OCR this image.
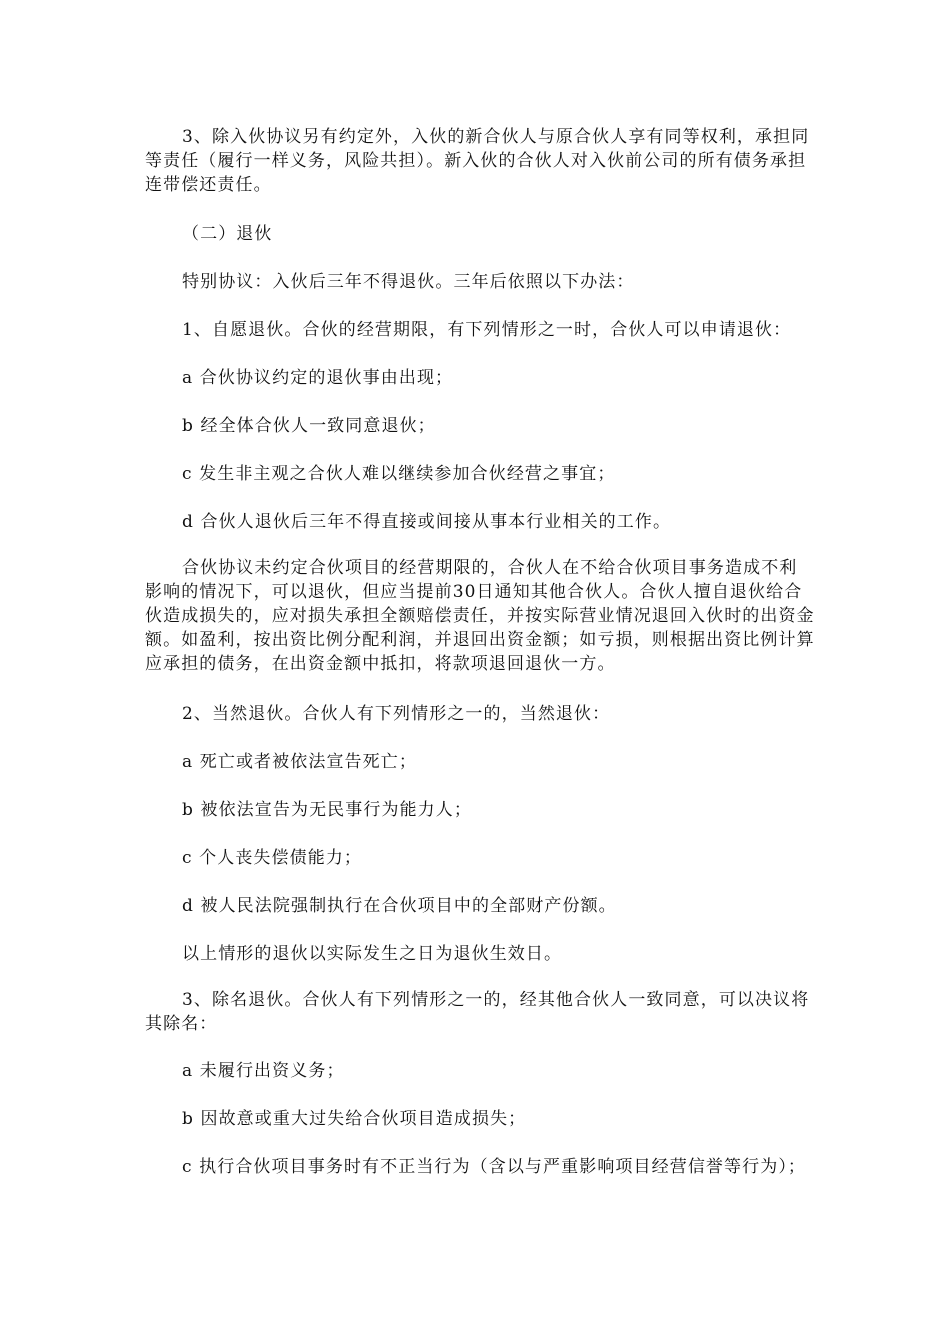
3、除入伙协议另有约定外，入伙的新合伙人与原合伙人享有同等权利，承担同等责任（履行一样义务，风险共担）。新入伙的合伙人对入伙前公司的所有债务承担连带偿还责任。

（二）退伙

特别协议：入伙后三年不得退伙。三年后依照以下办法：

1、自愿退伙。合伙的经营期限，有下列情形之一时，合伙人可以申请退伙：

a 合伙协议约定的退伙事由出现；

b 经全体合伙人一致同意退伙；

c 发生非主观之合伙人难以继续参加合伙经营之事宜；

d 合伙人退伙后三年不得直接或间接从事本行业相关的工作。

合伙协议未约定合伙项目的经营期限的，合伙人在不给合伙项目事务造成不利影响的情况下，可以退伙，但应当提前30日通知其他合伙人。合伙人擅自退伙给合伙造成损失的，应对损失承担全额赔偿责任，并按实际营业情况退回入伙时的出资金额。如盈利，按出资比例分配利润，并退回出资金额；如亏损，则根据出资比例计算应承担的债务，在出资金额中抵扣，将款项退回退伙一方。

2、当然退伙。合伙人有下列情形之一的，当然退伙：

a 死亡或者被依法宣告死亡；

b 被依法宣告为无民事行为能力人；

c 个人丧失偿债能力；

d 被人民法院强制执行在合伙项目中的全部财产份额。

以上情形的退伙以实际发生之日为退伙生效日。

3、除名退伙。合伙人有下列情形之一的，经其他合伙人一致同意，可以决议将其除名：

a 未履行出资义务；

b 因故意或重大过失给合伙项目造成损失；

c 执行合伙项目事务时有不正当行为（含以与严重影响项目经营信誉等行为）；
